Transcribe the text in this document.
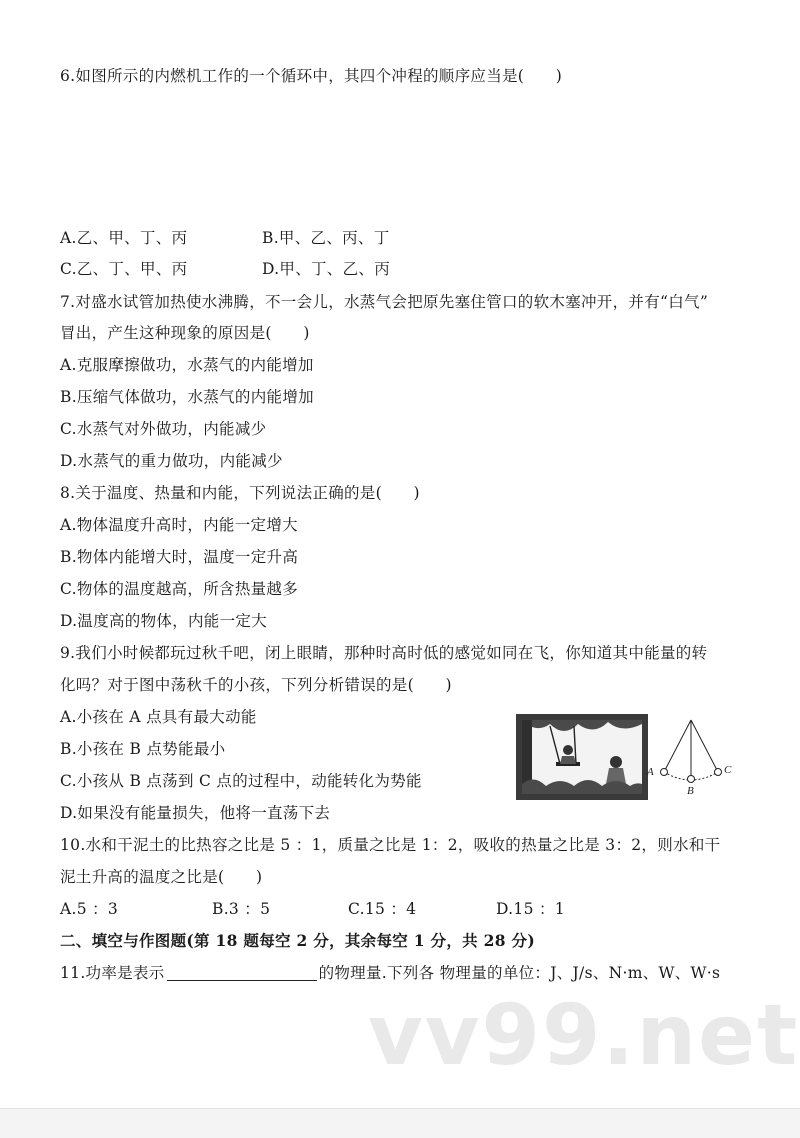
6.如图所示的内燃机工作的一个循环中，其四个冲程的顺序应当是(　　)
A.乙、甲、丁、丙	B.甲、乙、丙、丁
C.乙、丁、甲、丙	D.甲、丁、乙、丙
7.对盛水试管加热使水沸腾，不一会儿，水蒸气会把原先塞住管口的软木塞冲开，并有“白气”
冒出，产生这种现象的原因是(　　)
A.克服摩擦做功，水蒸气的内能增加
B.压缩气体做功，水蒸气的内能增加
C.水蒸气对外做功，内能减少
D.水蒸气的重力做功，内能减少
8.关于温度、热量和内能，下列说法正确的是(　　)
A.物体温度升高时，内能一定增大
B.物体内能增大时，温度一定升高
C.物体的温度越高，所含热量越多
D.温度高的物体，内能一定大
9.我们小时候都玩过秋千吧，闭上眼睛，那种时高时低的感觉如同在飞，你知道其中能量的转
化吗？对于图中荡秋千的小孩，下列分析错误的是(　　)
A.小孩在 A 点具有最大动能
B.小孩在 B 点势能最小
C.小孩从 B 点荡到 C 点的过程中，动能转化为势能
D.如果没有能量损失，他将一直荡下去
A
B
C
10.水和干泥土的比热容之比是 5 ：1，质量之比是 1：2，吸收的热量之比是 3：2，则水和干
泥土升高的温度之比是(　　)
A.5 ：3	B.3 ：5	C.15 ：4	D.15 ：1
二、填空与作图题(第 18 题每空 2 分，其余每空 1 分，共 28 分)
11.功率是表示	的物理量.下列各 物理量的单位：J、J/s、N·m、W、W·s
vv99.net
